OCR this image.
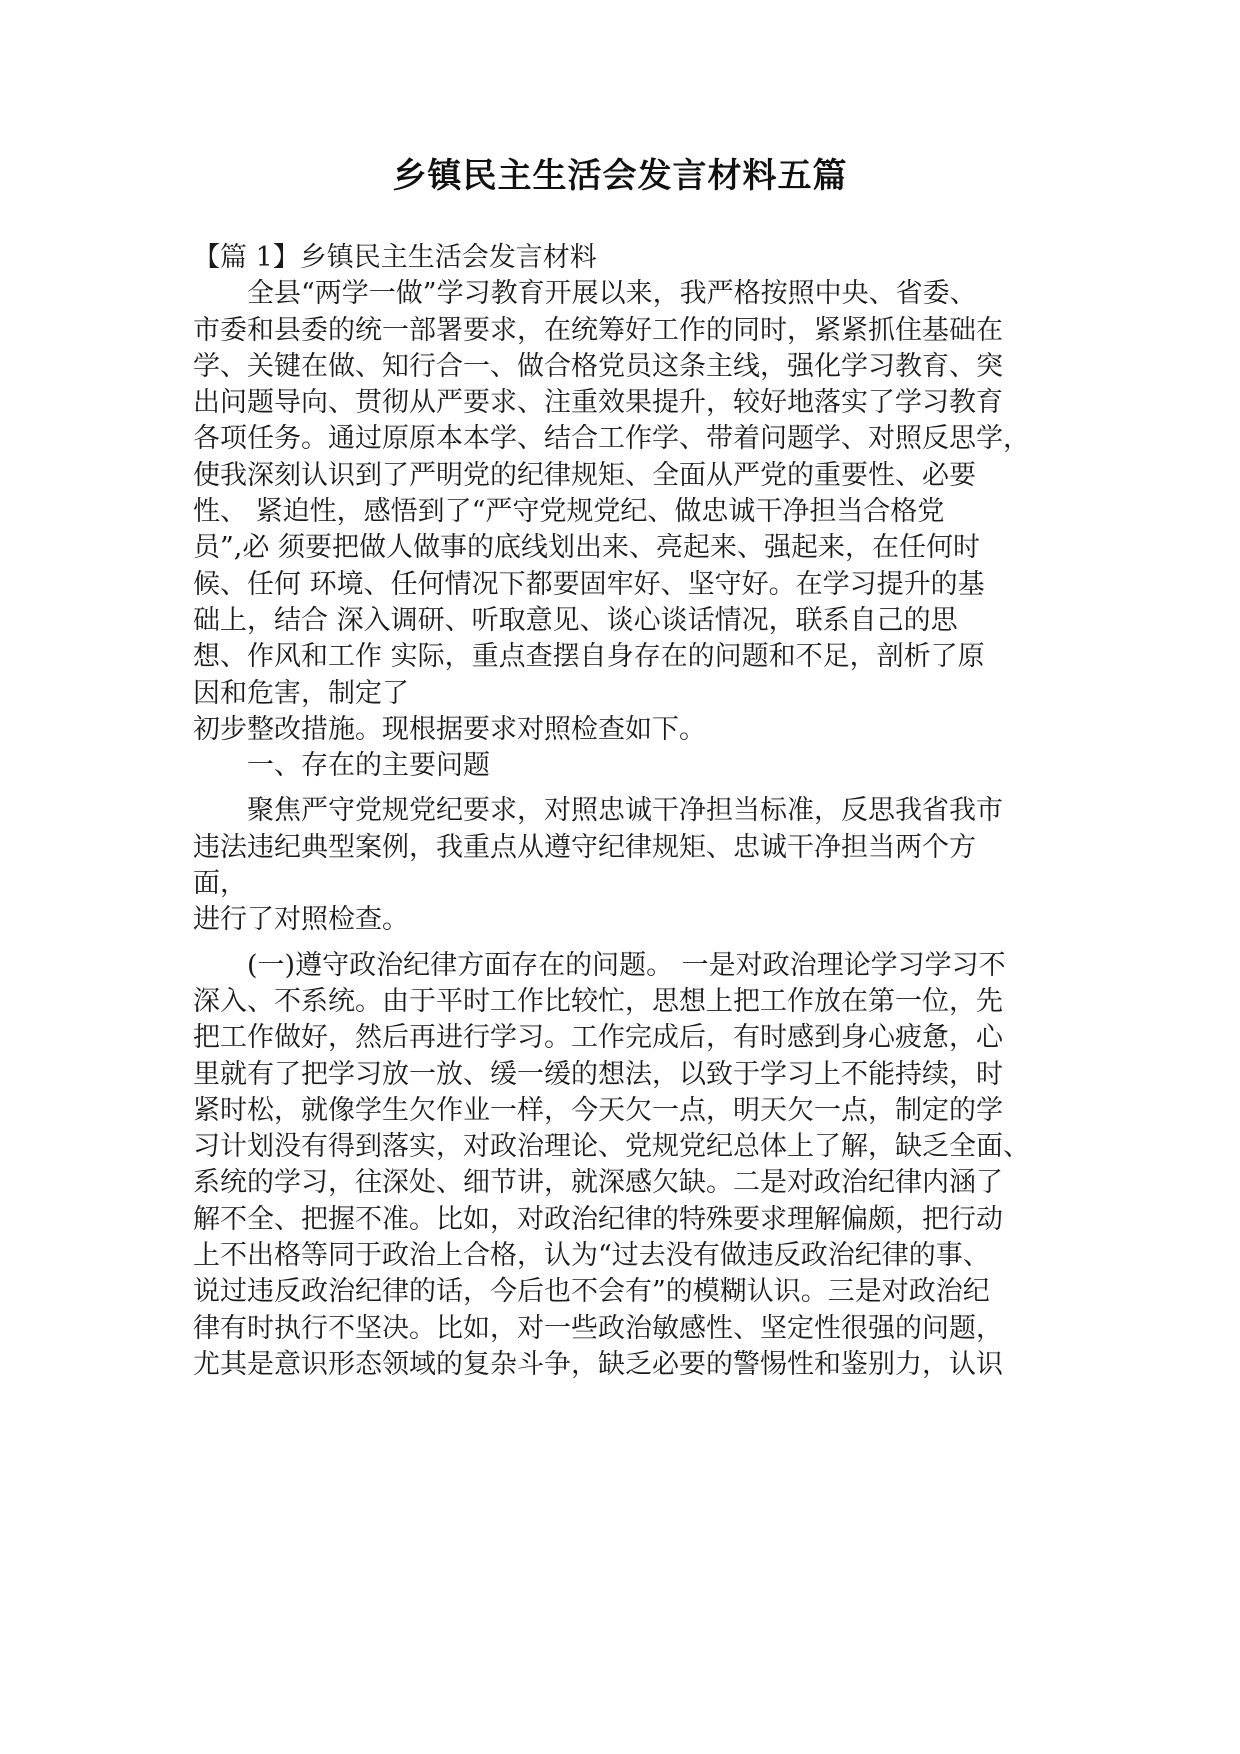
乡镇民主生活会发言材料五篇
【篇 1】乡镇民主生活会发言材料
全县“两学一做”学习教育开展以来，我严格按照中央、省委、
市委和县委的统一部署要求，在统筹好工作的同时，紧紧抓住基础在
学、关键在做、知行合一、做合格党员这条主线，强化学习教育、突
出问题导向、贯彻从严要求、注重效果提升，较好地落实了学习教育
各项任务。通过原原本本学、结合工作学、带着问题学、对照反思学，
使我深刻认识到了严明党的纪律规矩、全面从严党的重要性、必要
性、 紧迫性，感悟到了“严守党规党纪、做忠诚干净担当合格党
员”,必 须要把做人做事的底线划出来、亮起来、强起来，在任何时
候、任何 环境、任何情况下都要固牢好、坚守好。在学习提升的基
础上，结合 深入调研、听取意见、谈心谈话情况，联系自己的思
想、作风和工作 实际，重点查摆自身存在的问题和不足，剖析了原
因和危害，制定了
初步整改措施。现根据要求对照检查如下。
一、存在的主要问题
聚焦严守党规党纪要求，对照忠诚干净担当标准，反思我省我市
违法违纪典型案例，我重点从遵守纪律规矩、忠诚干净担当两个方
面，
进行了对照检查。
(一)遵守政治纪律方面存在的问题。 一是对政治理论学习学习不
深入、不系统。由于平时工作比较忙，思想上把工作放在第一位，先
把工作做好，然后再进行学习。工作完成后，有时感到身心疲惫，心
里就有了把学习放一放、缓一缓的想法，以致于学习上不能持续，时
紧时松，就像学生欠作业一样，今天欠一点，明天欠一点，制定的学
习计划没有得到落实，对政治理论、党规党纪总体上了解，缺乏全面、
系统的学习，往深处、细节讲，就深感欠缺。二是对政治纪律内涵了
解不全、把握不准。比如，对政治纪律的特殊要求理解偏颇，把行动
上不出格等同于政治上合格，认为“过去没有做违反政治纪律的事、
说过违反政治纪律的话，今后也不会有”的模糊认识。三是对政治纪
律有时执行不坚决。比如，对一些政治敏感性、坚定性很强的问题，
尤其是意识形态领域的复杂斗争，缺乏必要的警惕性和鉴别力，认识
